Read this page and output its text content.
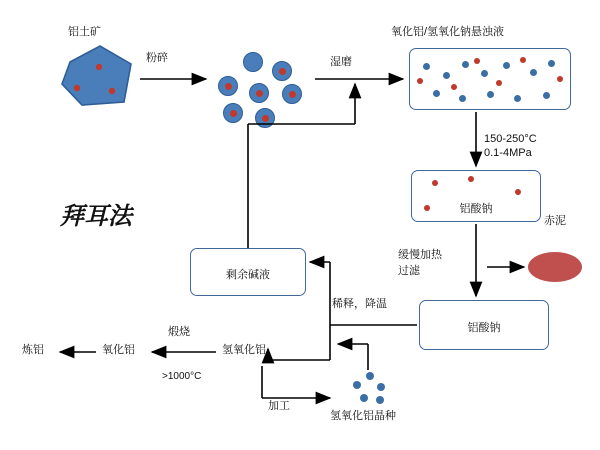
铝土矿
粉碎	湿磨
氧化铝/氢氧化钠悬浊液
150-250°C
0.1-4MPa
赤泥
缓慢加热
过滤
稀释，降温
煅烧
炼铝	氧化铝	氢氧化铝
>1000°C
加工
氢氧化铝晶种
拜耳法	铝酸钠
铝酸钠
剩余碱液
